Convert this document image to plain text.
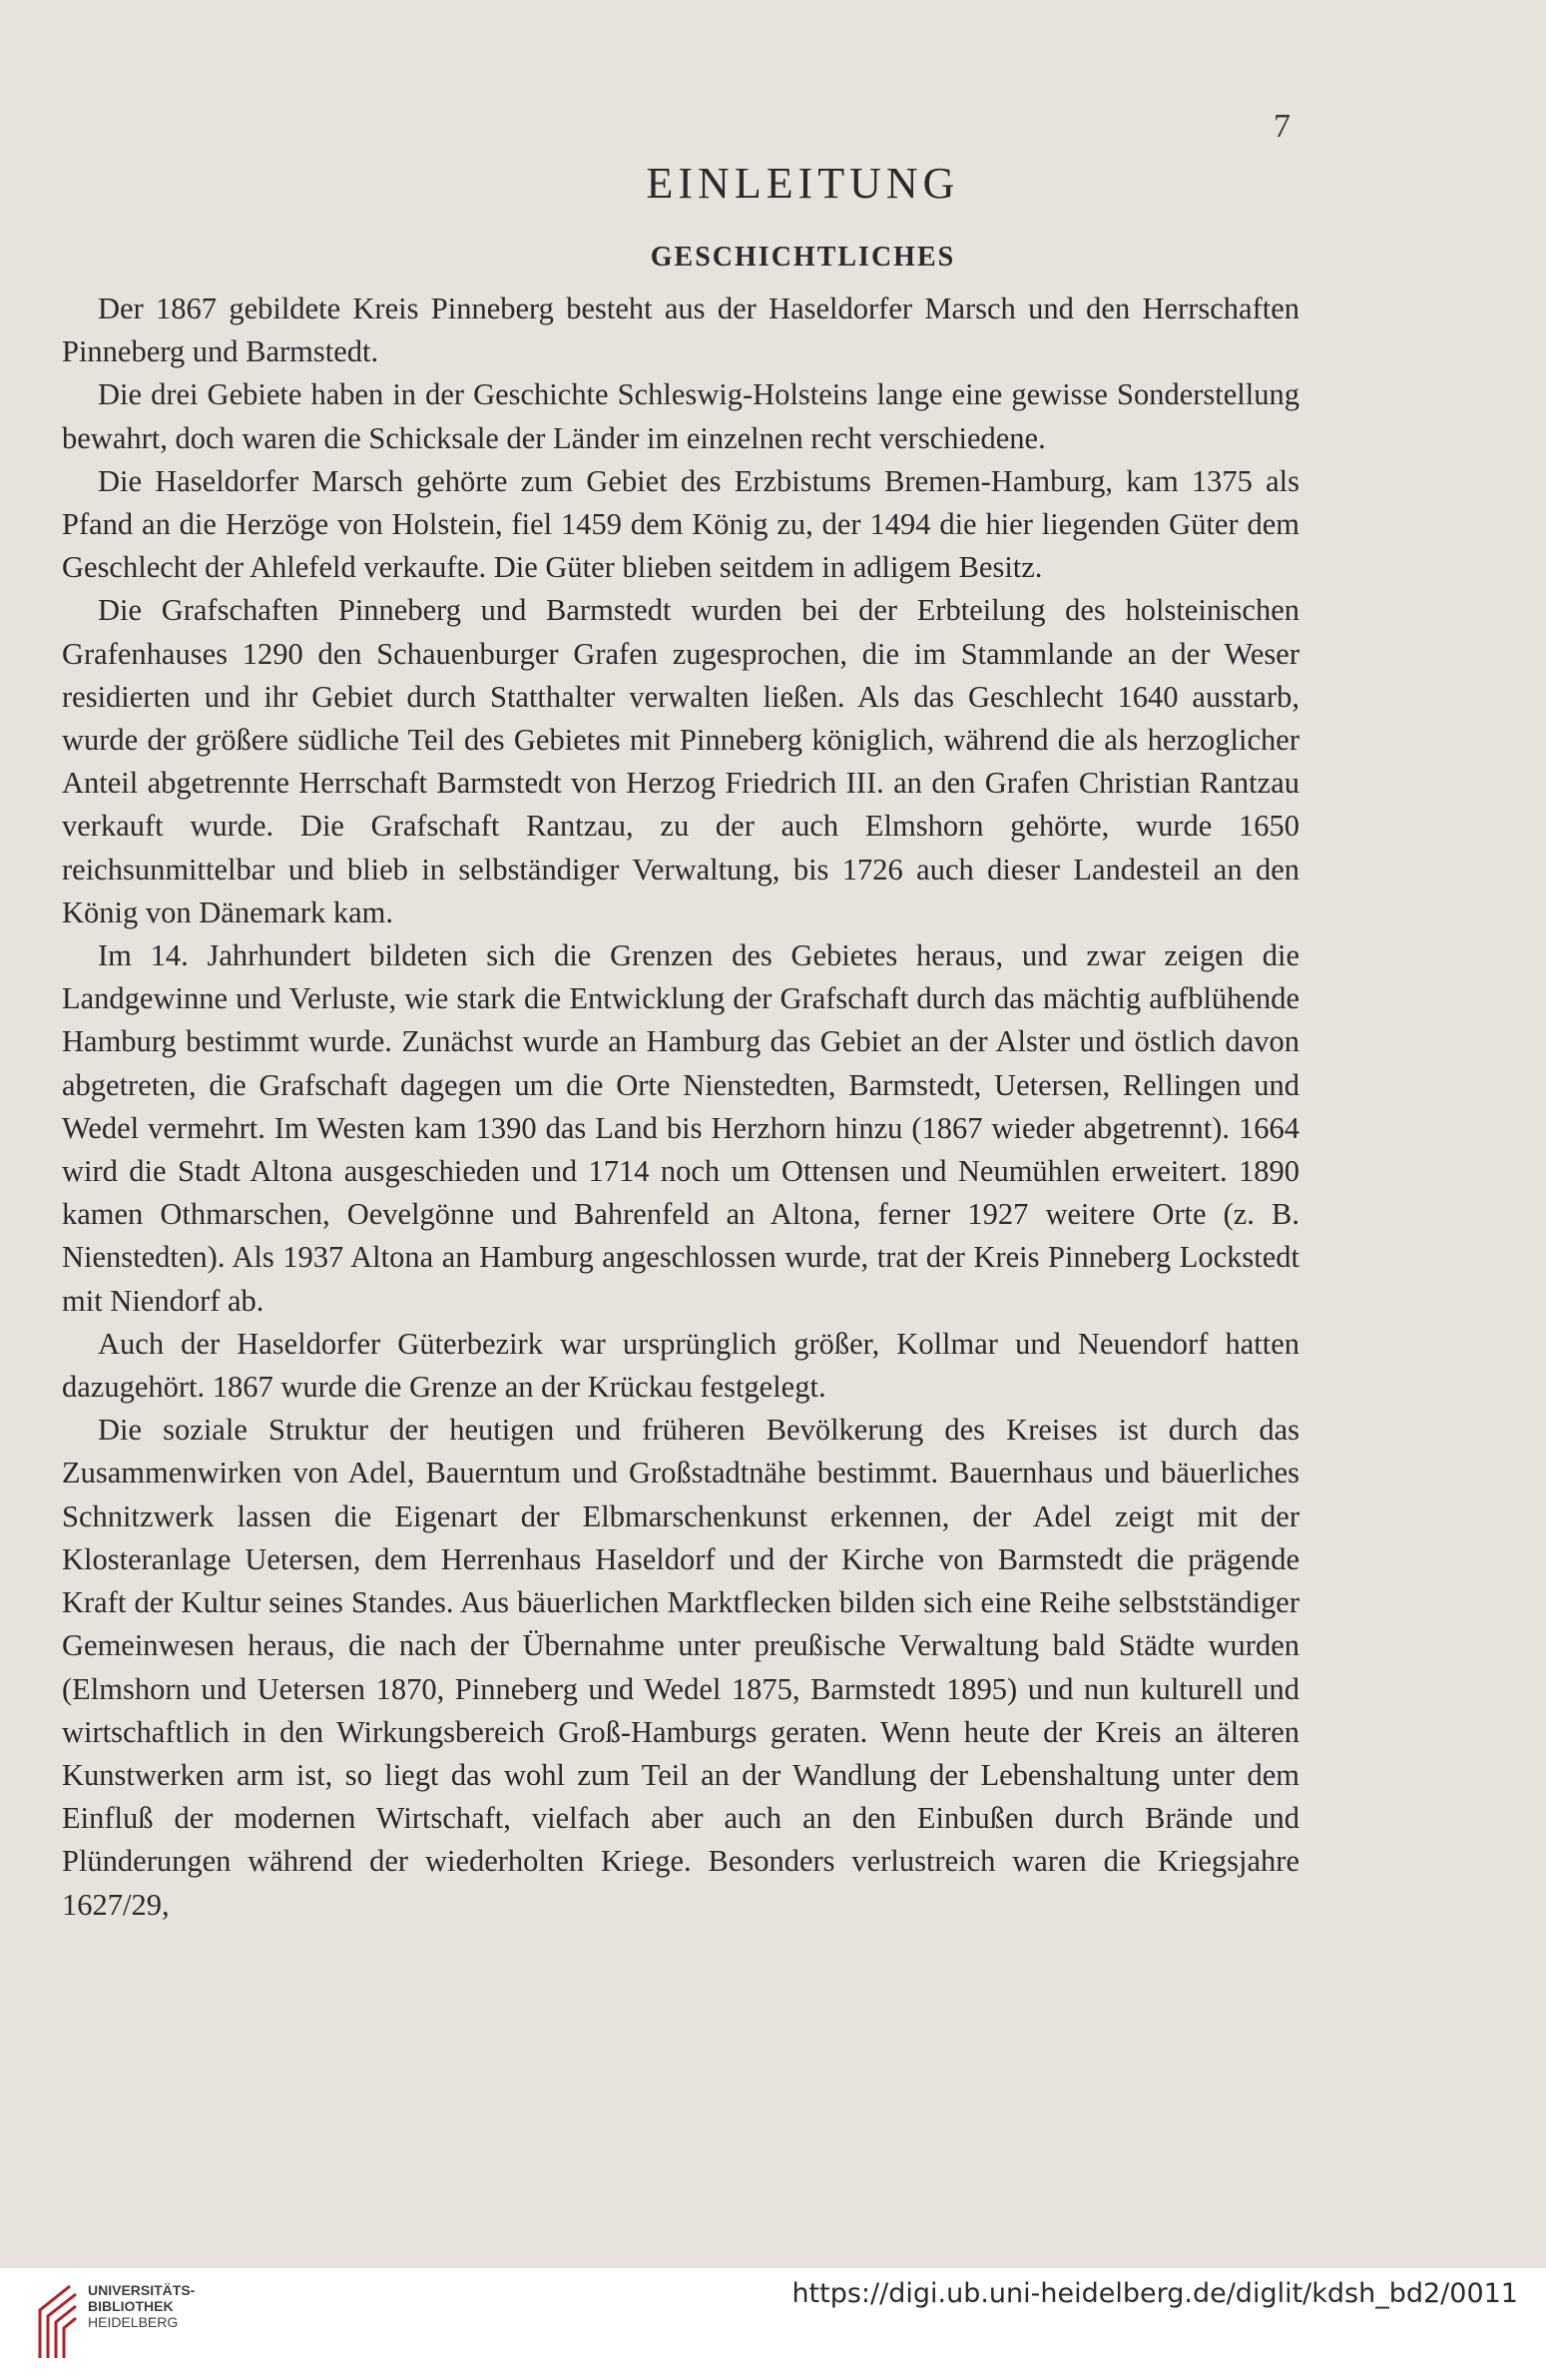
7
EINLEITUNG
GESCHICHTLICHES

Der 1867 gebildete Kreis Pinneberg besteht aus der Haseldorfer Marsch und den Herrschaften Pinneberg und Barmstedt.

Die drei Gebiete haben in der Geschichte Schleswig-Holsteins lange eine gewisse Sonderstellung bewahrt, doch waren die Schicksale der Länder im einzelnen recht verschiedene.

Die Haseldorfer Marsch gehörte zum Gebiet des Erzbistums Bremen-Hamburg, kam 1375 als Pfand an die Herzöge von Holstein, fiel 1459 dem König zu, der 1494 die hier liegenden Güter dem Geschlecht der Ahlefeld verkaufte. Die Güter blieben seitdem in adligem Besitz.

Die Grafschaften Pinneberg und Barmstedt wurden bei der Erbteilung des holsteinischen Grafenhauses 1290 den Schauenburger Grafen zugesprochen, die im Stammlande an der Weser residierten und ihr Gebiet durch Statthalter verwalten ließen. Als das Geschlecht 1640 ausstarb, wurde der größere südliche Teil des Gebietes mit Pinneberg königlich, während die als herzoglicher Anteil abgetrennte Herrschaft Barmstedt von Herzog Friedrich III. an den Grafen Christian Rantzau verkauft wurde. Die Grafschaft Rantzau, zu der auch Elmshorn gehörte, wurde 1650 reichsunmittelbar und blieb in selbständiger Verwaltung, bis 1726 auch dieser Landesteil an den König von Dänemark kam.

Im 14. Jahrhundert bildeten sich die Grenzen des Gebietes heraus, und zwar zeigen die Landgewinne und Verluste, wie stark die Entwicklung der Grafschaft durch das mächtig aufblühende Hamburg bestimmt wurde. Zunächst wurde an Hamburg das Gebiet an der Alster und östlich davon abgetreten, die Grafschaft dagegen um die Orte Nienstedten, Barmstedt, Uetersen, Rellingen und Wedel vermehrt. Im Westen kam 1390 das Land bis Herzhorn hinzu (1867 wieder abgetrennt). 1664 wird die Stadt Altona ausgeschieden und 1714 noch um Ottensen und Neumühlen erweitert. 1890 kamen Othmarschen, Oevelgönne und Bahrenfeld an Altona, ferner 1927 weitere Orte (z. B. Nienstedten). Als 1937 Altona an Hamburg angeschlossen wurde, trat der Kreis Pinneberg Lockstedt mit Niendorf ab.

Auch der Haseldorfer Güterbezirk war ursprünglich größer, Kollmar und Neuendorf hatten dazugehört. 1867 wurde die Grenze an der Krückau festgelegt.

Die soziale Struktur der heutigen und früheren Bevölkerung des Kreises ist durch das Zusammenwirken von Adel, Bauerntum und Großstadtnähe bestimmt. Bauernhaus und bäuerliches Schnitzwerk lassen die Eigenart der Elbmarschenkunst erkennen, der Adel zeigt mit der Klosteranlage Uetersen, dem Herrenhaus Haseldorf und der Kirche von Barmstedt die prägende Kraft der Kultur seines Standes. Aus bäuerlichen Marktflecken bilden sich eine Reihe selbstständiger Gemeinwesen heraus, die nach der Übernahme unter preußische Verwaltung bald Städte wurden (Elmshorn und Uetersen 1870, Pinneberg und Wedel 1875, Barmstedt 1895) und nun kulturell und wirtschaftlich in den Wirkungsbereich Groß-Hamburgs geraten. Wenn heute der Kreis an älteren Kunstwerken arm ist, so liegt das wohl zum Teil an der Wandlung der Lebenshaltung unter dem Einfluß der modernen Wirtschaft, vielfach aber auch an den Einbußen durch Brände und Plünderungen während der wiederholten Kriege. Besonders verlustreich waren die Kriegsjahre 1627/29,

UNIVERSITÄTS-
BIBLIOTHEK
HEIDELBERG
https://digi.ub.uni-heidelberg.de/diglit/kdsh_bd2/0011
